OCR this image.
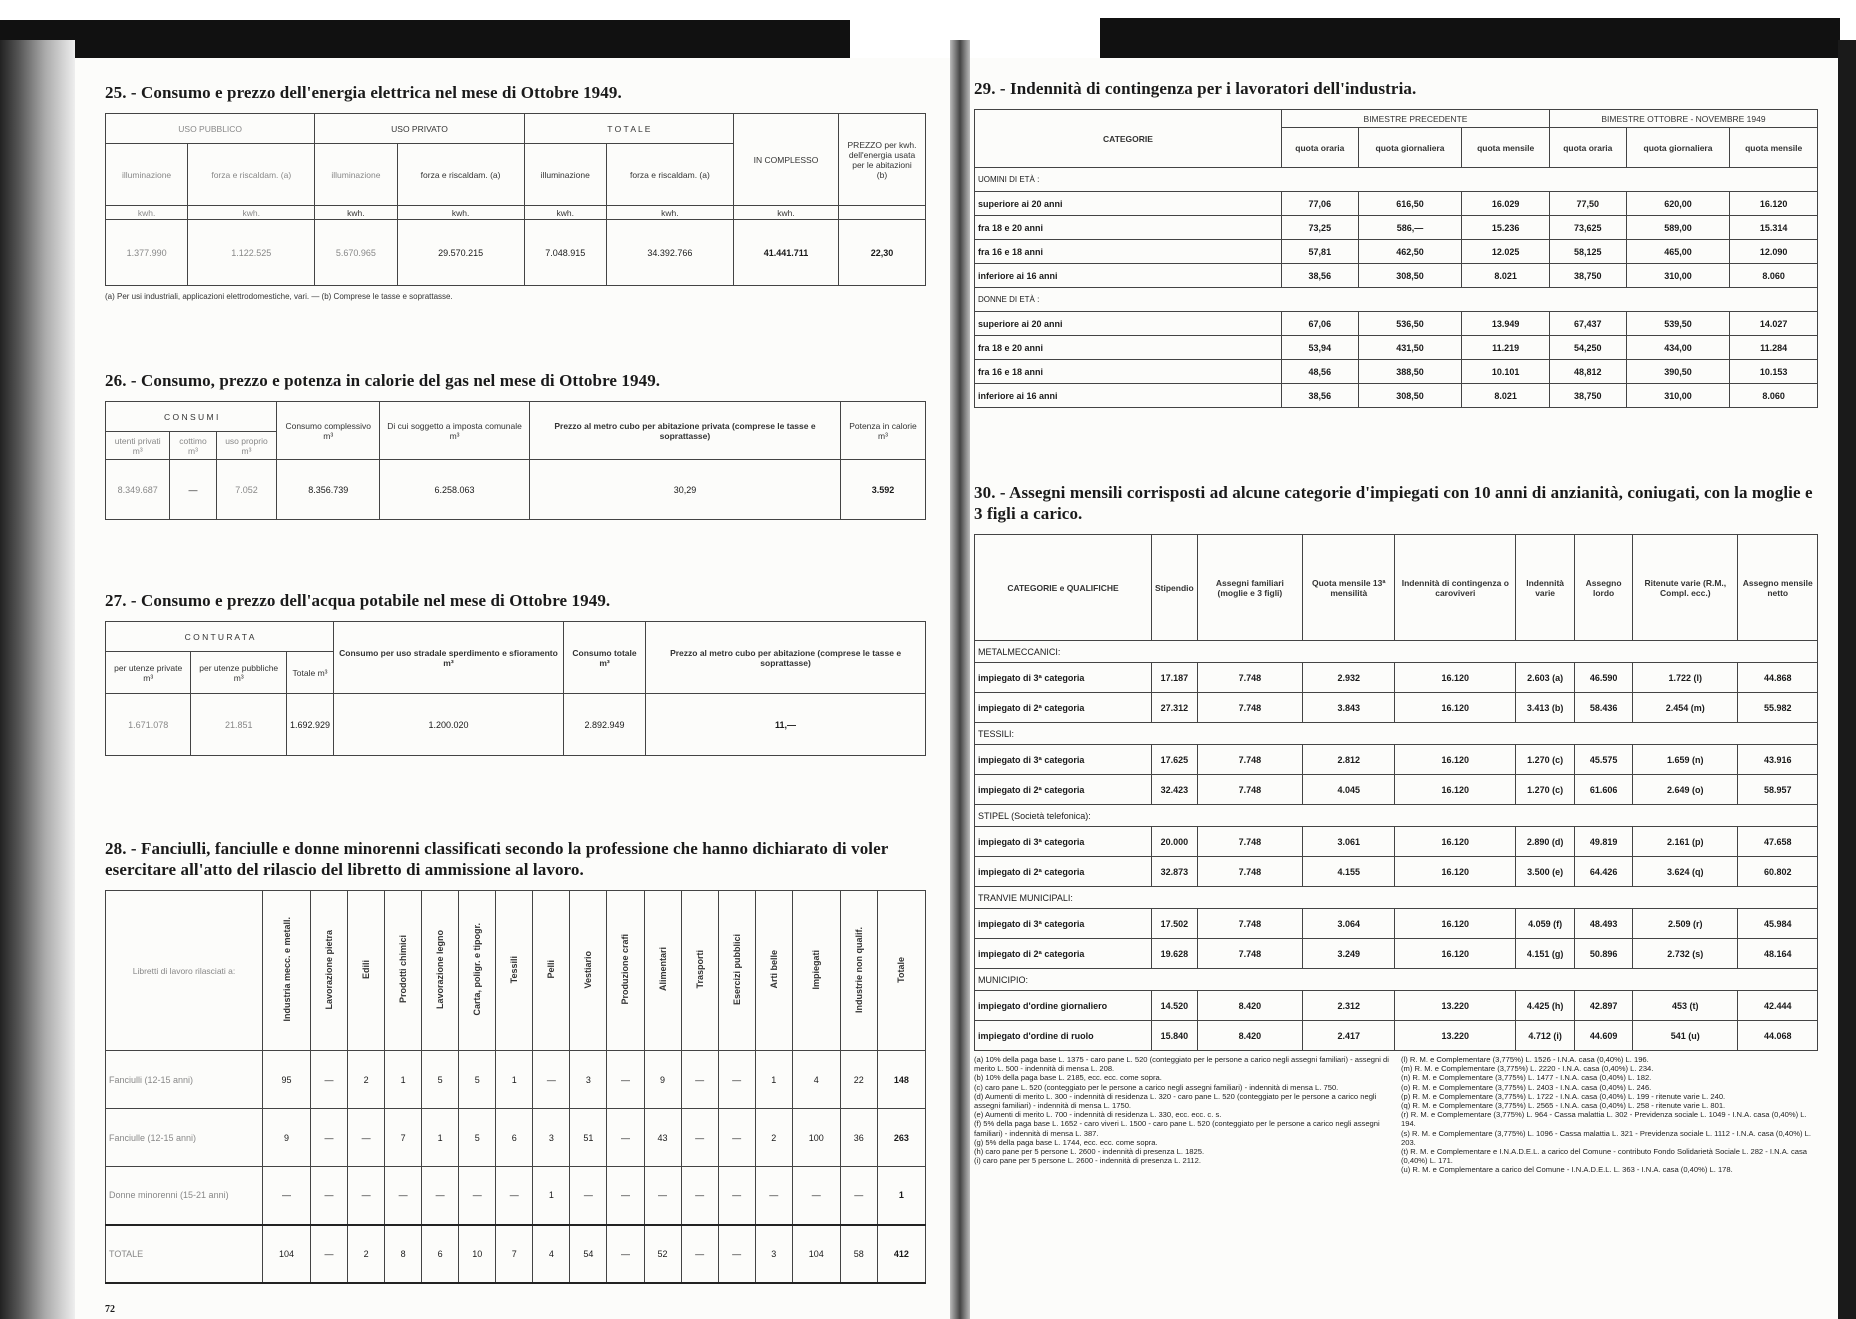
25. - Consumo e prezzo dell'energia elettrica nel mese di Ottobre 1949.
USO PUBBLICO		USO PRIVATO		T O T A L E		IN COMPLESSO	PREZZO per kwh. dell'energia usata per le abitazioni
(b)
illuminazione	forza e riscaldam. (a)	illuminazione	forza e riscaldam. (a)	illuminazione	forza e riscaldam. (a)		
kwh.	kwh.	kwh.	kwh.	kwh.	kwh.	kwh.	
1.377.990	1.122.525	5.670.965	29.570.215	7.048.915	34.392.766	41.441.711	22,30
(a) Per usi industriali, applicazioni elettrodomestiche, vari. — (b) Comprese le tasse e soprattasse.
26. - Consumo, prezzo e potenza in calorie del gas nel mese di Ottobre 1949.
C O N S U M I			Consumo complessivo m³	Di cui soggetto a imposta comunale m³	Prezzo al metro cubo per abitazione privata (comprese le tasse e soprattasse)	Potenza in calorie m³
utenti privati m³	cottimo m³	uso proprio m³				
8.349.687	—	7.052	8.356.739	6.258.063	30,29	3.592
27. - Consumo e prezzo dell'acqua potabile nel mese di Ottobre 1949.
C O N T U R A T A			Consumo per uso stradale sperdimento e sfioramento m³	Consumo totale m³	Prezzo al metro cubo per abitazione (comprese le tasse e soprattasse)
per utenze private m³	per utenze pubbliche m³	Totale m³			
1.671.078	21.851	1.692.929	1.200.020	2.892.949	11,—
28. - Fanciulli, fanciulle e donne minorenni classificati secondo la professione che hanno dichiarato di voler esercitare all'atto del rilascio del libretto di ammissione al lavoro.
Libretti di lavoro rilasciati a:	Industria mecc. e metall.	Lavorazione pietra	Edili	Prodotti chimici	Lavorazione legno	Carta, poligr. e tipogr.	Tessili	Pelli	Vestiario	Produzione crafi	Alimentari	Trasporti	Esercizi pubblici	Arti belle	Impiegati	Industrie non qualif.	Totale
Fanciulli (12-15 anni)	95	—	2	1	5	5	1	—	3	—	9	—	—	1	4	22	148
Fanciulle (12-15 anni)	9	—	—	7	1	5	6	3	51	—	43	—	—	2	100	36	263
Donne minorenni (15-21 anni)	—	—	—	—	—	—	—	1	—	—	—	—	—	—	—	—	1
TOTALE	104	—	2	8	6	10	7	4	54	—	52	—	—	3	104	58	412
72
29. - Indennità di contingenza per i lavoratori dell'industria.
CATEGORIE	BIMESTRE PRECEDENTE			BIMESTRE OTTOBRE - NOVEMBRE 1949		
	quota oraria	quota giornaliera	quota mensile	quota oraria	quota giornaliera	quota mensile
UOMINI DI ETÀ :						
superiore ai 20 anni	77,06	616,50	16.029	77,50	620,00	16.120
fra 18 e 20 anni	73,25	586,—	15.236	73,625	589,00	15.314
fra 16 e 18 anni	57,81	462,50	12.025	58,125	465,00	12.090
inferiore ai 16 anni	38,56	308,50	8.021	38,750	310,00	8.060
DONNE DI ETÀ :						
superiore ai 20 anni	67,06	536,50	13.949	67,437	539,50	14.027
fra 18 e 20 anni	53,94	431,50	11.219	54,250	434,00	11.284
fra 16 e 18 anni	48,56	388,50	10.101	48,812	390,50	10.153
inferiore ai 16 anni	38,56	308,50	8.021	38,750	310,00	8.060
30. - Assegni mensili corrisposti ad alcune categorie d'impiegati con 10 anni di anzianità, coniugati, con la moglie e 3 figli a carico.
CATEGORIE e QUALIFICHE	Stipendio	Assegni familiari (moglie e 3 figli)	Quota mensile 13ª mensilità	Indennità di contingenza o caroviveri	Indennità varie	Assegno lordo	Ritenute varie (R.M., Compl. ecc.)	Assegno mensile netto
METALMECCANICI:								
impiegato di 3ª categoria	17.187	7.748	2.932	16.120	2.603 (a)	46.590	1.722 (l)	44.868
impiegato di 2ª categoria	27.312	7.748	3.843	16.120	3.413 (b)	58.436	2.454 (m)	55.982
TESSILI:								
impiegato di 3ª categoria	17.625	7.748	2.812	16.120	1.270 (c)	45.575	1.659 (n)	43.916
impiegato di 2ª categoria	32.423	7.748	4.045	16.120	1.270 (c)	61.606	2.649 (o)	58.957
STIPEL (Società telefonica):								
impiegato di 3ª categoria	20.000	7.748	3.061	16.120	2.890 (d)	49.819	2.161 (p)	47.658
impiegato di 2ª categoria	32.873	7.748	4.155	16.120	3.500 (e)	64.426	3.624 (q)	60.802
TRANVIE MUNICIPALI:								
impiegato di 3ª categoria	17.502	7.748	3.064	16.120	4.059 (f)	48.493	2.509 (r)	45.984
impiegato di 2ª categoria	19.628	7.748	3.249	16.120	4.151 (g)	50.896	2.732 (s)	48.164
MUNICIPIO:								
impiegato d'ordine giornaliero	14.520	8.420	2.312	13.220	4.425 (h)	42.897	453 (t)	42.444
impiegato d'ordine di ruolo	15.840	8.420	2.417	13.220	4.712 (i)	44.609	541 (u)	44.068
(a) 10% della paga base L. 1375 - caro pane L. 520 (conteggiato per le persone a carico negli assegni familiari) - assegni di merito L. 500 - indennità di mensa L. 208.
(b) 10% della paga base L. 2185, ecc. ecc. come sopra.
(c) caro pane L. 520 (conteggiato per le persone a carico negli assegni familiari) - indennità di mensa L. 750.
(d) Aumenti di merito L. 300 - indennità di residenza L. 320 - caro pane L. 520 (conteggiato per le persone a carico negli assegni familiari) - indennità di mensa L. 1750.
(e) Aumenti di merito L. 700 - indennità di residenza L. 330, ecc. ecc. c. s.
(f) 5% della paga base L. 1652 - caro viveri L. 1500 - caro pane L. 520 (conteggiato per le persone a carico negli assegni familiari) - indennità di mensa L. 387.
(g) 5% della paga base L. 1744, ecc. ecc. come sopra.
(h) caro pane per 5 persone L. 2600 - indennità di presenza L. 1825.
(i) caro pane per 5 persone L. 2600 - indennità di presenza L. 2112.
(l) R. M. e Complementare (3,775%) L. 1526 - I.N.A. casa (0,40%) L. 196.
(m) R. M. e Complementare (3,775%) L. 2220 - I.N.A. casa (0,40%) L. 234.
(n) R. M. e Complementare (3,775%) L. 1477 - I.N.A. casa (0,40%) L. 182.
(o) R. M. e Complementare (3,775%) L. 2403 - I.N.A. casa (0,40%) L. 246.
(p) R. M. e Complementare (3,775%) L. 1722 - I.N.A. casa (0,40%) L. 199 - ritenute varie L. 240.
(q) R. M. e Complementare (3,775%) L. 2565 - I.N.A. casa (0,40%) L. 258 - ritenute varie L. 801.
(r) R. M. e Complementare (3,775%) L. 964 - Cassa malattia L. 302 - Previdenza sociale L. 1049 - I.N.A. casa (0,40%) L. 194.
(s) R. M. e Complementare (3,775%) L. 1096 - Cassa malattia L. 321 - Previdenza sociale L. 1112 - I.N.A. casa (0,40%) L. 203.
(t) R. M. e Complementare e I.N.A.D.E.L. a carico del Comune - contributo Fondo Solidarietà Sociale L. 282 - I.N.A. casa (0,40%) L. 171.
(u) R. M. e Complementare a carico del Comune - I.N.A.D.E.L. L. 363 - I.N.A. casa (0,40%) L. 178.
